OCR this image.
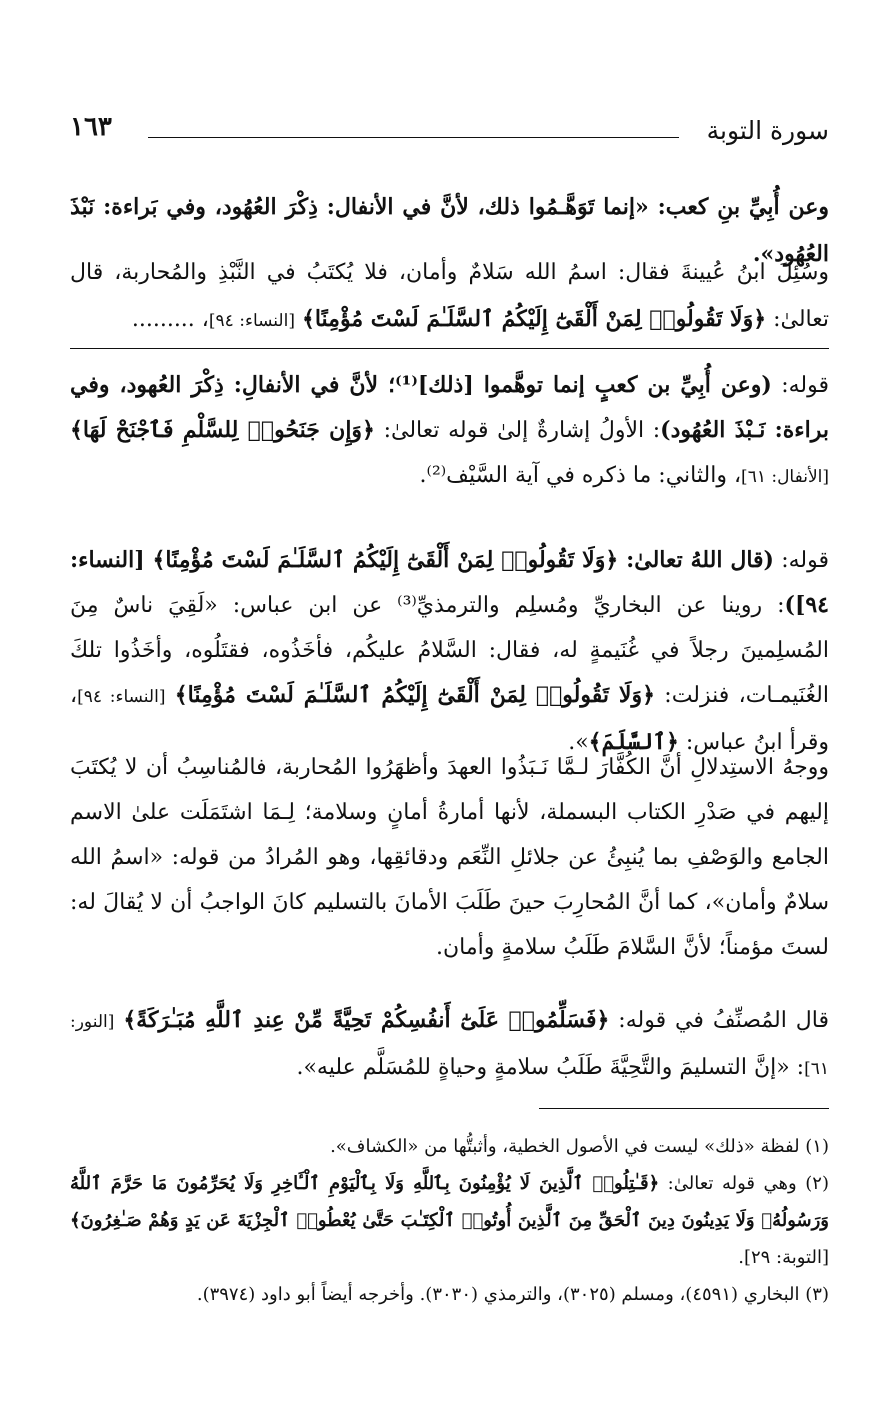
سورة التوبة
١٦٣

وعن أُبِيِّ بنِ كعب: «إنما تَوَهَّـمُوا ذلك، لأنَّ في الأنفال: ذِكْرَ العُهُود، وفي بَراءة: نَبْذَ العُهُود».

وسُئِلَ ابنُ عُيينةَ فقال: اسمُ الله سَلامٌ وأمان، فلا يُكتَبُ في النَّبْذِ والمُحاربة، قال تعالىٰ: ﴿وَلَا تَقُولُوا۟ لِمَنْ أَلْقَىٰٓ إِلَيْكُمُ ٱلسَّلَـٰمَ لَسْتَ مُؤْمِنًا﴾ [النساء: ٩٤]، .........

قوله: (وعن أُبِيِّ بن كعبٍ إنما توهَّموا [ذلك]⁽¹⁾؛ لأنَّ في الأنفالِ: ذِكْرَ العُهود، وفي براءة: نَـبْذَ العُهُود): الأولُ إشارةٌ إلىٰ قوله تعالىٰ: ﴿وَإِن جَنَحُوا۟ لِلسَّلْمِ فَٱجْنَحْ لَهَا﴾ [الأنفال: ٦١]، والثاني: ما ذكره في آية السَّيْف⁽²⁾.

قوله: (قال اللهُ تعالىٰ: ﴿وَلَا تَقُولُوا۟ لِمَنْ أَلْقَىٰٓ إِلَيْكُمُ ٱلسَّلَـٰمَ لَسْتَ مُؤْمِنًا﴾ [النساء: ٩٤]): روينا عن البخاريِّ ومُسلِم والترمذيِّ⁽³⁾ عن ابن عباس: «لَقِيَ ناسٌ مِنَ المُسلِمينَ رجلاً في غُنَيمةٍ له، فقال: السَّلامُ عليكُم، فأخَذُوه، فقتَلُوه، وأخَذُوا تلكَ الغُنَيمـات، فنزلت: ﴿وَلَا تَقُولُوا۟ لِمَنْ أَلْقَىٰٓ إِلَيْكُمُ ٱلسَّلَـٰمَ لَسْتَ مُؤْمِنًا﴾ [النساء: ٩٤]، وقرأ ابنُ عباس: ﴿ٱلسَّلَمَ﴾».

ووجهُ الاستِدلالِ أنَّ الكُفَّارَ لـمَّا نَـبَذُوا العهدَ وأظهَرُوا المُحاربة، فالمُناسِبُ أن لا يُكتَبَ إليهم في صَدْرِ الكتاب البسملة، لأنها أمارةُ أمانٍ وسلامة؛ لِـمَا اشتَمَلَت علىٰ الاسم الجامع والوَصْفِ بما يُنبِئُ عن جلائلِ النِّعَم ودقائقِها، وهو المُرادُ من قوله: «اسمُ الله سلامٌ وأمان»، كما أنَّ المُحارِبَ حينَ طَلَبَ الأمانَ بالتسليم كانَ الواجبُ أن لا يُقالَ له: لستَ مؤمناً؛ لأنَّ السَّلامَ طَلَبُ سلامةٍ وأمان.

قال المُصنِّفُ في قوله: ﴿فَسَلِّمُوا۟ عَلَىٰٓ أَنفُسِكُمْ تَحِيَّةً مِّنْ عِندِ ٱللَّهِ مُبَـٰرَكَةً﴾ [النور: ٦١]: «إنَّ التسليمَ والتَّحِيَّةَ طَلَبُ سلامةٍ وحياةٍ للمُسَلَّم عليه».

(١) لفظة «ذلك» ليست في الأصول الخطية، وأثبتُّها من «الكشاف».

(٢) وهي قوله تعالىٰ: ﴿قَـٰتِلُوا۟ ٱلَّذِينَ لَا يُؤْمِنُونَ بِٱللَّهِ وَلَا بِٱلْيَوْمِ ٱلْـَٔاخِرِ وَلَا يُحَرِّمُونَ مَا حَرَّمَ ٱللَّهُ وَرَسُولُهُۥ وَلَا يَدِينُونَ دِينَ ٱلْحَقِّ مِنَ ٱلَّذِينَ أُوتُوا۟ ٱلْكِتَـٰبَ حَتَّىٰ يُعْطُوا۟ ٱلْجِزْيَةَ عَن يَدٍ وَهُمْ صَـٰغِرُونَ﴾ [التوبة: ٢٩].

(٣) البخاري (٤٥٩١)، ومسلم (٣٠٢٥)، والترمذي (٣٠٣٠). وأخرجه أيضاً أبو داود (٣٩٧٤).
